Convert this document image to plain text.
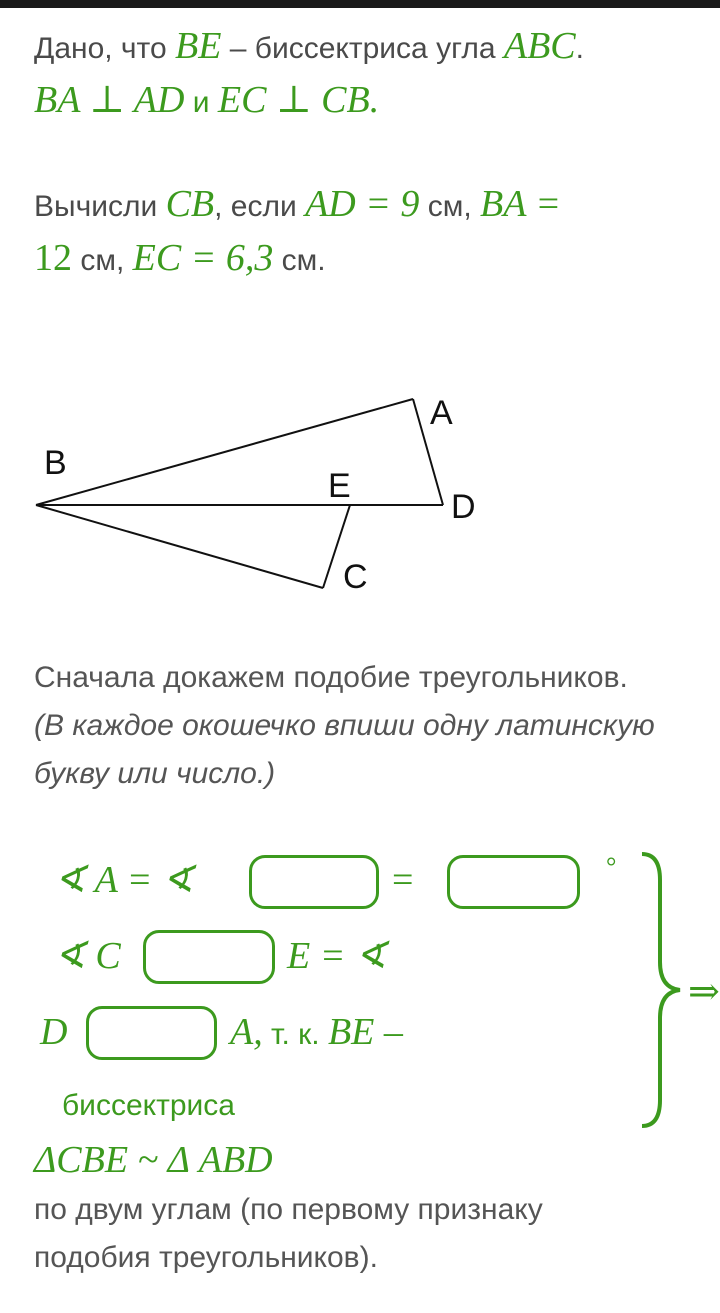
Дано, что BE – биссектриса угла ABC.
BA ⊥ AD и EC ⊥ CB.
Вычисли CB, если AD = 9 см, BA =
12 см, EC = 6,3 см.
A
B
E
D
C
Сначала докажем подобие треугольников.
(В каждое окошечко впиши одну латинскую
букву или число.)
∢ A = ∢	=	°
∢ C	E = ∢
D	A, т. к. BE –
биссектриса
⇒
ΔCBE ~ Δ ABD
по двум углам (по первому признаку
подобия треугольников).
